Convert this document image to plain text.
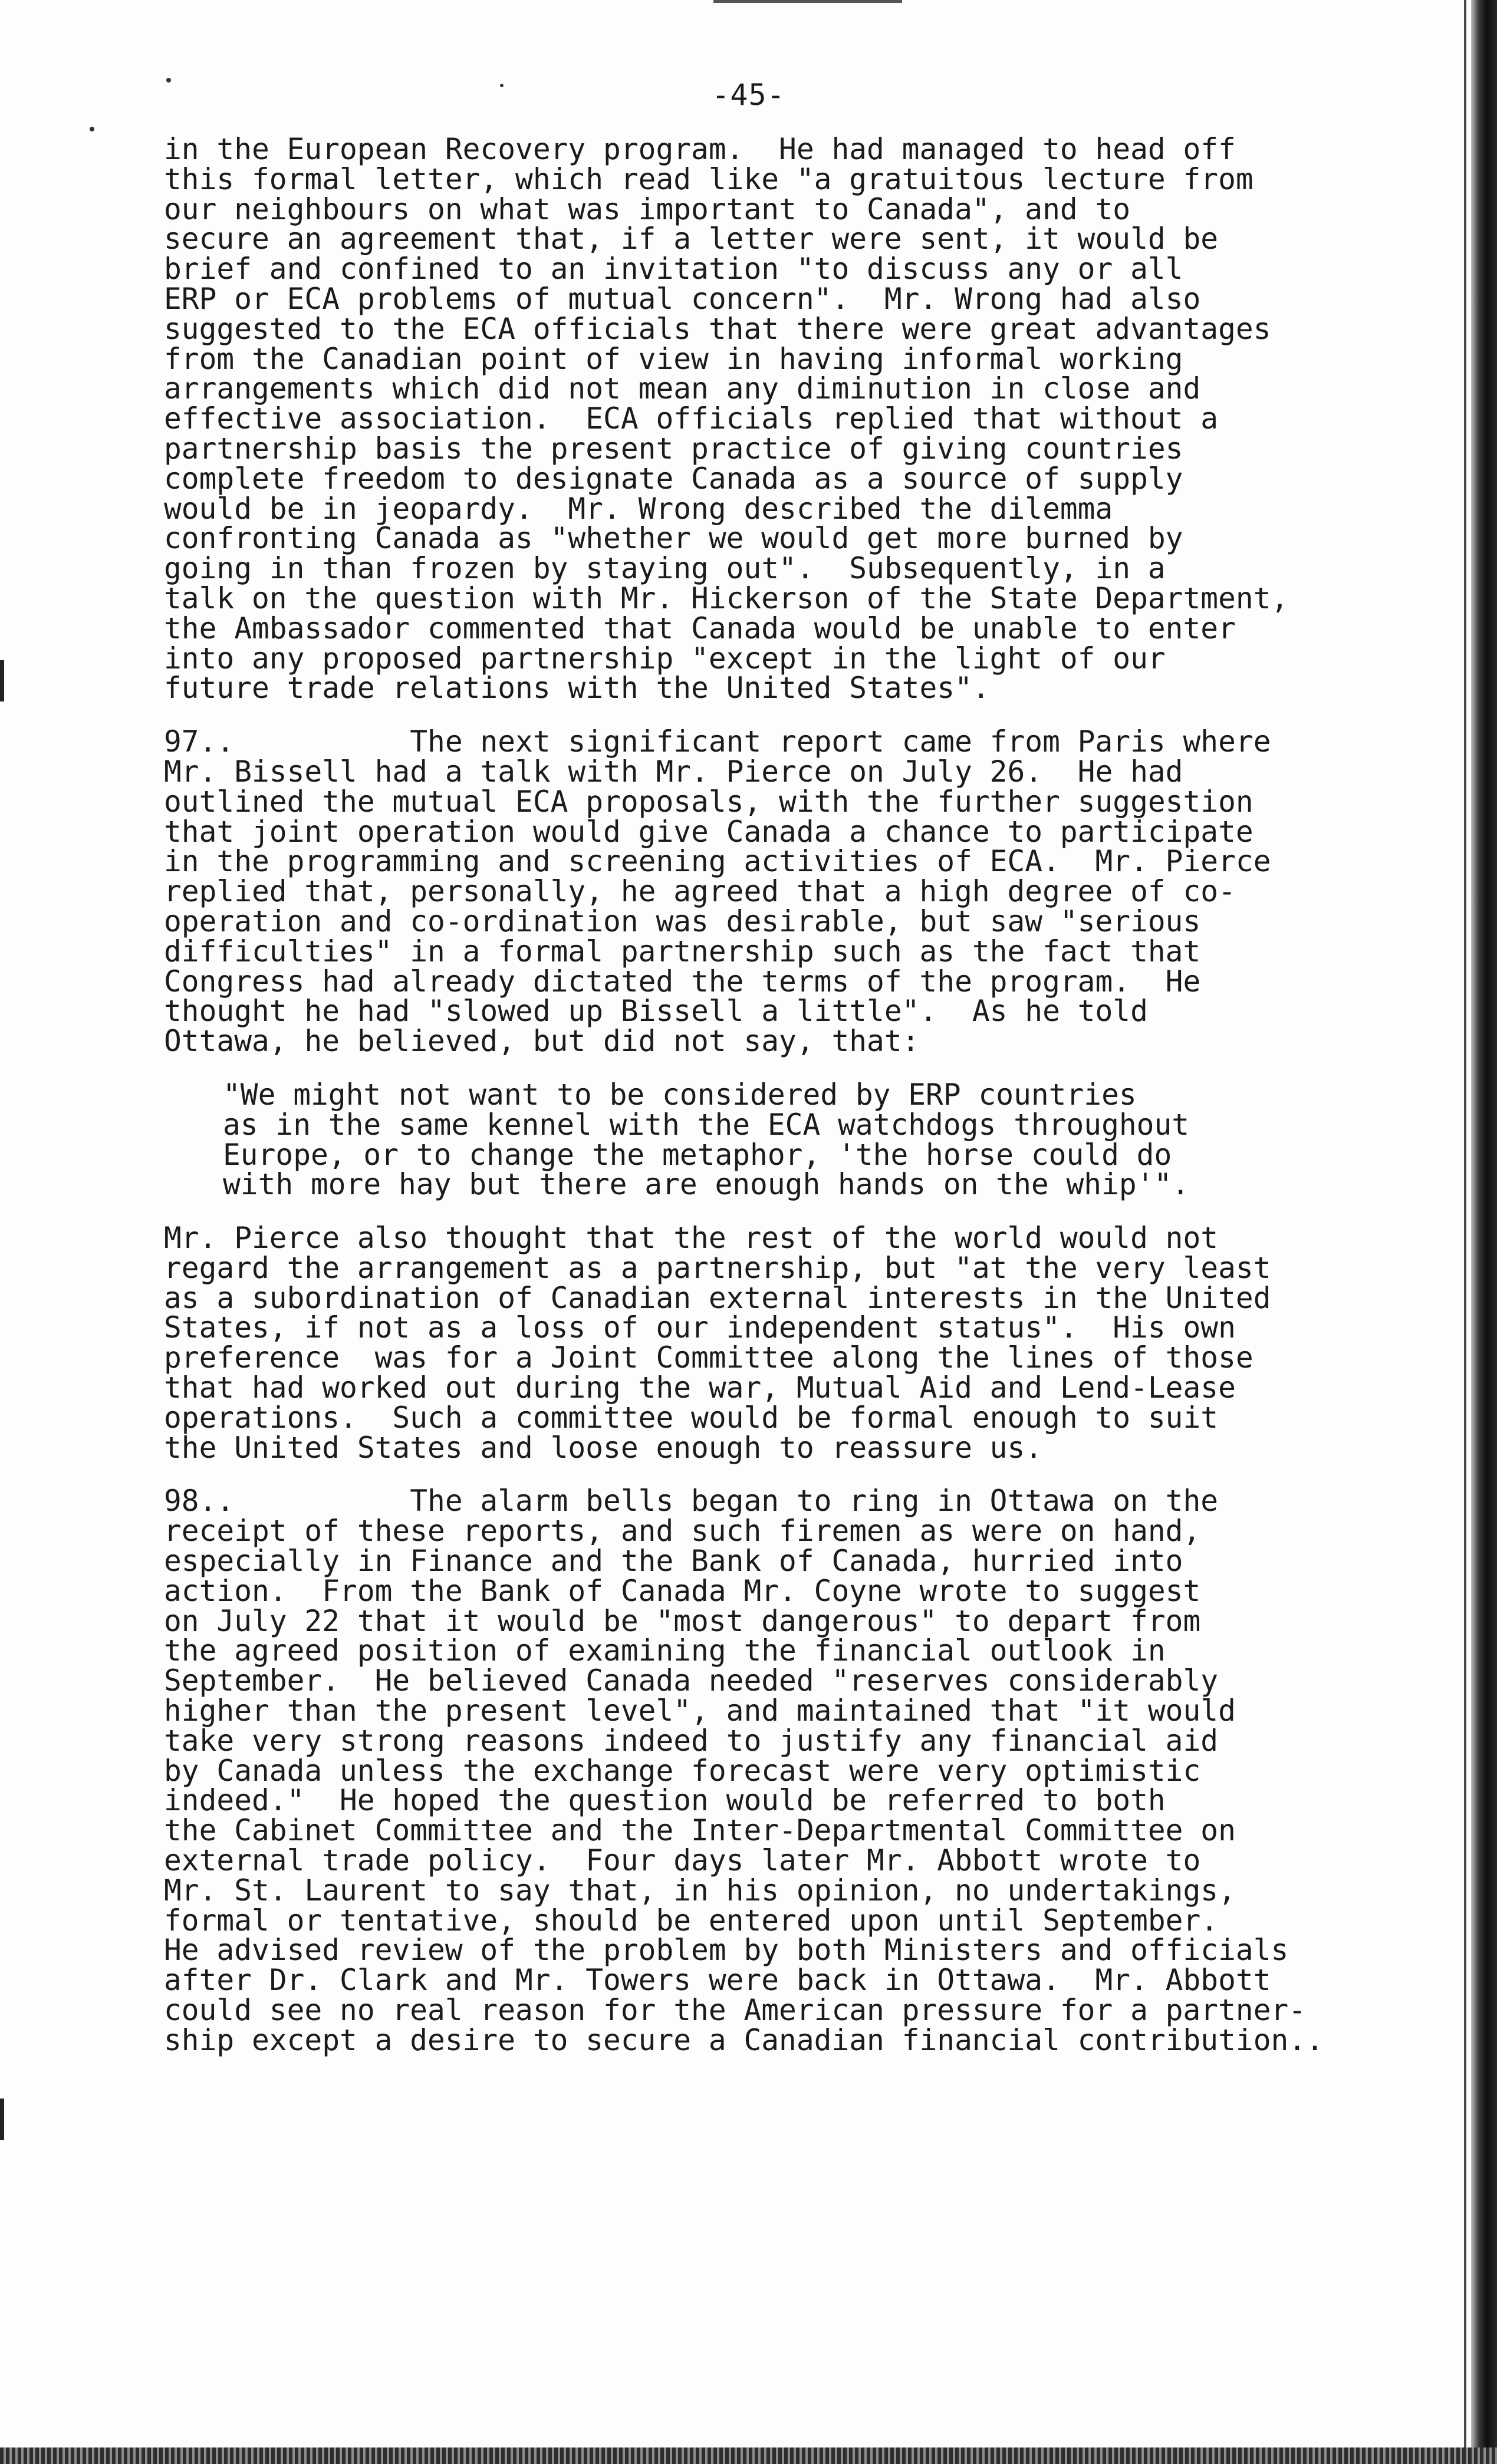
-45-
in the European Recovery program.  He had managed to head off
this formal letter, which read like "a gratuitous lecture from
our neighbours on what was important to Canada", and to
secure an agreement that, if a letter were sent, it would be
brief and confined to an invitation "to discuss any or all
ERP or ECA problems of mutual concern".  Mr. Wrong had also
suggested to the ECA officials that there were great advantages
from the Canadian point of view in having informal working
arrangements which did not mean any diminution in close and
effective association.  ECA officials replied that without a
partnership basis the present practice of giving countries
complete freedom to designate Canada as a source of supply
would be in jeopardy.  Mr. Wrong described the dilemma
confronting Canada as "whether we would get more burned by
going in than frozen by staying out".  Subsequently, in a
talk on the question with Mr. Hickerson of the State Department,
the Ambassador commented that Canada would be unable to enter
into any proposed partnership "except in the light of our
future trade relations with the United States".
97..          The next significant report came from Paris where
Mr. Bissell had a talk with Mr. Pierce on July 26.  He had
outlined the mutual ECA proposals, with the further suggestion
that joint operation would give Canada a chance to participate
in the programming and screening activities of ECA.  Mr. Pierce
replied that, personally, he agreed that a high degree of co-
operation and co-ordination was desirable, but saw "serious
difficulties" in a formal partnership such as the fact that
Congress had already dictated the terms of the program.  He
thought he had "slowed up Bissell a little".  As he told
Ottawa, he believed, but did not say, that:
"We might not want to be considered by ERP countries
as in the same kennel with the ECA watchdogs throughout
Europe, or to change the metaphor, 'the horse could do
with more hay but there are enough hands on the whip'".
Mr. Pierce also thought that the rest of the world would not
regard the arrangement as a partnership, but "at the very least
as a subordination of Canadian external interests in the United
States, if not as a loss of our independent status".  His own
preference  was for a Joint Committee along the lines of those
that had worked out during the war, Mutual Aid and Lend-Lease
operations.  Such a committee would be formal enough to suit
the United States and loose enough to reassure us.
98..          The alarm bells began to ring in Ottawa on the
receipt of these reports, and such firemen as were on hand,
especially in Finance and the Bank of Canada, hurried into
action.  From the Bank of Canada Mr. Coyne wrote to suggest
on July 22 that it would be "most dangerous" to depart from
the agreed position of examining the financial outlook in
September.  He believed Canada needed "reserves considerably
higher than the present level", and maintained that "it would
take very strong reasons indeed to justify any financial aid
by Canada unless the exchange forecast were very optimistic
indeed."  He hoped the question would be referred to both
the Cabinet Committee and the Inter-Departmental Committee on
external trade policy.  Four days later Mr. Abbott wrote to
Mr. St. Laurent to say that, in his opinion, no undertakings,
formal or tentative, should be entered upon until September.
He advised review of the problem by both Ministers and officials
after Dr. Clark and Mr. Towers were back in Ottawa.  Mr. Abbott
could see no real reason for the American pressure for a partner-
ship except a desire to secure a Canadian financial contribution..
